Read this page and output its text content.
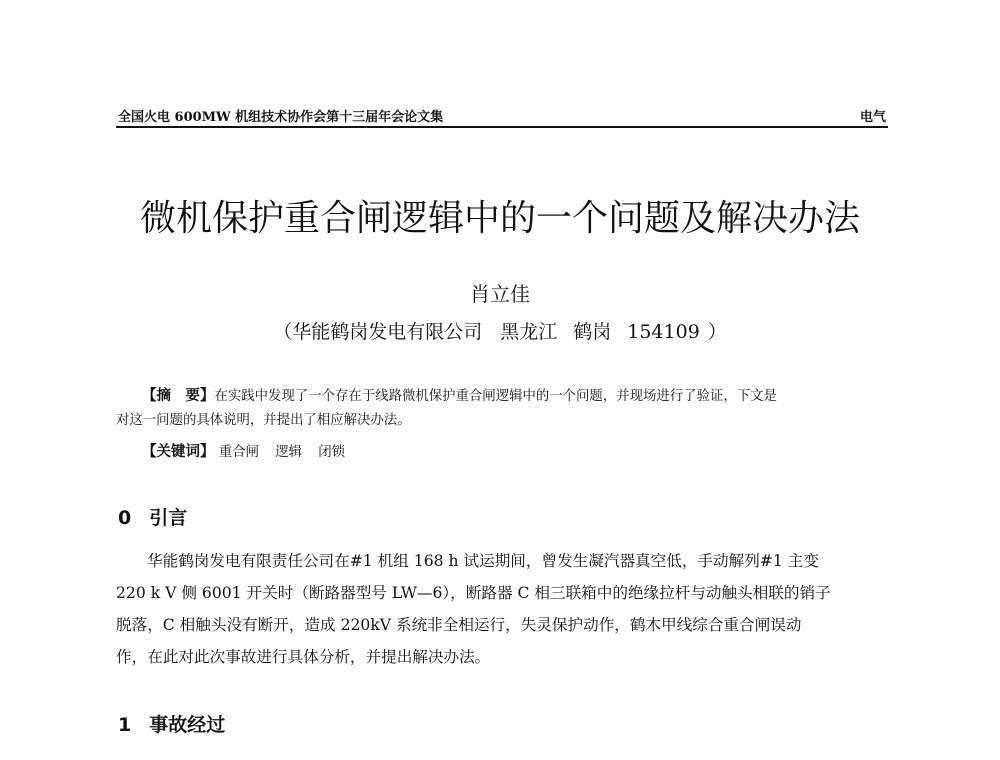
全国火电 600MW 机组技术协作会第十三届年会论文集	电气
微机保护重合闸逻辑中的一个问题及解决办法
肖立佳
（华能鹤岗发电有限公司 黑龙江 鹤岗 154109 ）
【摘　要】在实践中发现了一个存在于线路微机保护重合闸逻辑中的一个问题，并现场进行了验证，下文是
对这一问题的具体说明，并提出了相应解决办法。
【关键词】 重合闸 逻辑 闭锁
0 引言
华能鹤岗发电有限责任公司在#1 机组 168 h 试运期间，曾发生凝汽器真空低，手动解列#1 主变
220 k V 侧 6001 开关时（断路器型号 LW—6），断路器 C 相三联箱中的绝缘拉杆与动触头相联的销子
脱落，C 相触头没有断开，造成 220kV 系统非全相运行，失灵保护动作，鹤木甲线综合重合闸误动
作，在此对此次事故进行具体分析，并提出解决办法。
1 事故经过
